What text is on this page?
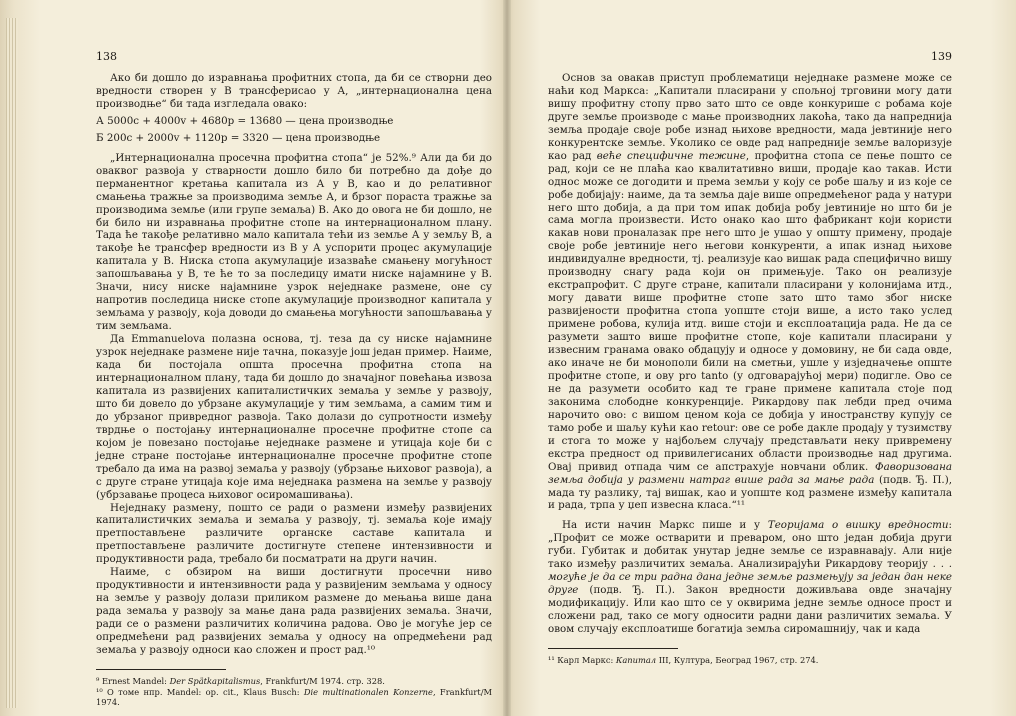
138

Ако би дошло до изравнања профитних стопа, да би се створни део вредности створен у В трансферисао у А, „интернационална цена производње“ би тада изгледала овако:

А 5000c + 4000v + 4680p = 13680 — цена производње
Б 200c + 2000v + 1120p = 3320 — цена производње

„Интернационална просечна профитна стопа“ је 52%.⁹ Али да би до оваквог развоја у стварности дошло било би потребно да дође до перманентног кретања капитала из А у В, као и до релативног смањења тражње за производима земље А, и брзог пораста тражње за производима земље (или групе земаља) В. Ако до овога не би дошло, не би било ни изравнања профитне стопе на интернационалном плану. Тада ће такође релативно мало капитала тећи из земље А у земљу В, а такође ће трансфер вредности из В у А успорити процес акумулације капитала у В. Ниска стопа акумулације изазваће смањену могућност запошљавања у В, те ће то за последицу имати ниске најамнине у В. Значи, нису ниске најамнине узрок неједнаке размене, оне су напротив последица ниске стопе акумулације производног капитала у земљама у развоју, која доводи до смањења могућности запошљавања у тим земљама.

Да Emmanuelova полазна основа, тј. теза да су ниске најамнине узрок неједнаке размене није тачна, показује још један пример. Наиме, када би постојала општа просечна профитна стопа на интернационалном плану, тада би дошло до значајног повећања извоза капитала из развијених капиталистичких земаља у земље у развоју, што би довело до убрзане акумулације у тим земљама, а самим тим и до убрзаног привредног развоја. Тако долази до супротности између тврдње о постојању интернационалне просечне профитне стопе са којом је повезано постојање неједнаке размене и утицаја које би с једне стране постојање интернационалне просечне профитне стопе требало да има на развој земаља у развоју (убрзање њиховог развоја), а с друге стране утицаја које има неједнака размена на земље у развоју (убрзавање процеса њиховог осиромашивања).

Неједнаку размену, пошто се ради о размени између развијених капиталистичких земаља и земаља у развоју, тј. земаља које имају претпостављене различите органске саставе капитала и претпостављене различите достигнуте степене интензивности и продуктивности рада, требало би посматрати на други начин.

Наиме, с обзиром на виши достигнути просечни ниво продуктивности и интензивности рада у развијеним земљама у односу на земље у развоју долази приликом размене до мењања више дана рада земаља у развоју за мање дана рада развијених земаља. Значи, ради се о размени различитих количина радова. Ово је могуће јер се опредмећени рад развијених земаља у односу на опредмећени рад земаља у развоју односи као сложен и прост рад.¹⁰

⁹ Ernest Mandel: Der Spätkapitalismus, Frankfurt/M 1974. стр. 328.

¹⁰ О томе нпр. Mandel: op. cit., Klaus Busch: Die multinationalen Konzerne, Frankfurt/M 1974.

139

Основ за овакав приступ проблематици неједнаке размене може се наћи код Маркса: „Капитали пласирани у спољној трговини могу дати вишу профитну стопу прво зато што се овде конкурише с робама које друге земље производе с мање производних лакоћа, тако да напреднија земља продаје своје робе изнад њихове вредности, мада јевтиније него конкурентске земље. Уколико се овде рад напредније земље валоризује као рад веће специфичне тежине, профитна стопа се пење пошто се рад, који се не плаћа као квалитативно виши, продаје као такав. Исти однос може се догодити и према земљи у коју се робе шаљу и из које се робе добијају: наиме, да та земља даје више опредмећеног рада у натури него што добија, а да при том ипак добија робу јевтиније но што би је сама могла произвести. Исто онако као што фабрикант који користи какав нови проналазак пре него што је ушао у општу примену, продаје своје робе јевтиније него његови конкуренти, а ипак изнад њихове индивидуалне вредности, тј. реализује као вишак рада специфично вишу производну снагу рада који он примењује. Тако он реализује екстрапрофит. С друге стране, капитали пласирани у колонијама итд., могу давати више профитне стопе зато што тамо због ниске развијености профитна стопа уопште стоји више, а исто тако услед примене робова, кулија итд. више стоји и експлоатација рада. Не да се разумети зашто више профитне стопе, које капитали пласирани у извесним гранама овако обдацују и односе у домовину, не би сада овде, ако иначе не би монополи били на сметњи, ушле у изједначење опште профитне стопе, и ову pro tanto (у одговарајућој мери) подигле. Ово се не да разумети особито кад те гране примене капитала стоје под законима слободне конкуренције. Рикардову пак лебди пред очима нарочито ово: с вишом ценом која се добија у иностранству купују се тамо робе и шаљу кући као retour: ове се робе дакле продају у тузимству и стога то може у најбољем случају представљати неку привремену екстра предност од привилегисаних области производње над другима. Овај привид отпада чим се апстрахује новчани облик. Фаворизована земља добија у размени натраг више рада за мање рада (подв. Ђ. П.), мада ту разлику, тај вишак, као и уопште код размене између капитала и рада, трпа у џеп извесна класа.“¹¹

На исти начин Маркс пише и у Теоријама о вишку вредности: „Профит се може остварити и преваром, оно што један добија други губи. Губитак и добитак унутар једне земље се изравнавају. Али није тако између различитих земаља. Анализирајући Рикардову теорију . . . могуће је да се три радна дана једне земље размењују за један дан неке друге (подв. Ђ. П.). Закон вредности доживљава овде значајну модификацију. Или као што се у оквирима једне земље односе прост и сложени рад, тако се могу односити радни дани различитих земаља. У овом случају експлоатише богатија земља сиромашнију, чак и када

¹¹ Карл Маркс: Капитал III, Култура, Београд 1967, стр. 274.
